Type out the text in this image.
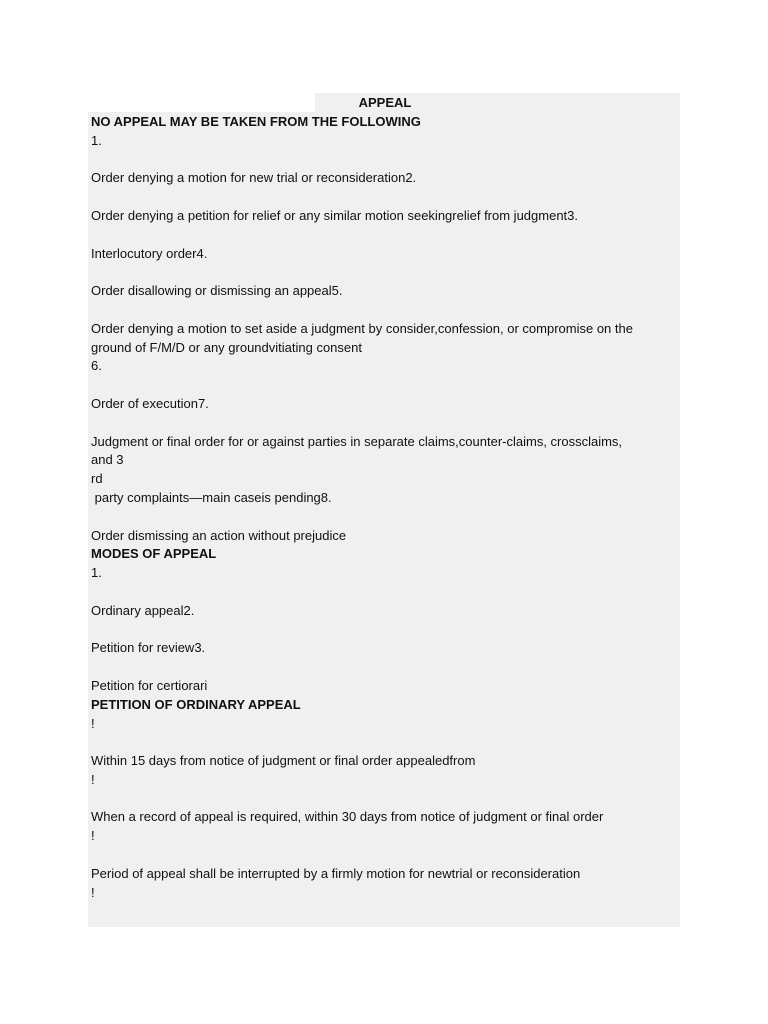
APPEAL

NO APPEAL MAY BE TAKEN FROM THE FOLLOWING

1.

Order denying a motion for new trial or reconsideration2.

Order denying a petition for relief or any similar motion seekingrelief from judgment3.

Interlocutory order4.

Order disallowing or dismissing an appeal5.

Order denying a motion to set aside a judgment by consider,confession, or compromise on the

ground of F/M/D or any groundvitiating consent

6.

Order of execution7.

Judgment or final order for or against parties in separate claims,counter-claims, crossclaims,

and 3

rd

party complaints—main caseis pending8.

Order dismissing an action without prejudice

MODES OF APPEAL

1.

Ordinary appeal2.

Petition for review3.

Petition for certiorari

PETITION OF ORDINARY APPEAL

!

Within 15 days from notice of judgment or final order appealedfrom

!

When a record of appeal is required, within 30 days from notice of judgment or final order

!

Period of appeal shall be interrupted by a firmly motion for newtrial or reconsideration

!
